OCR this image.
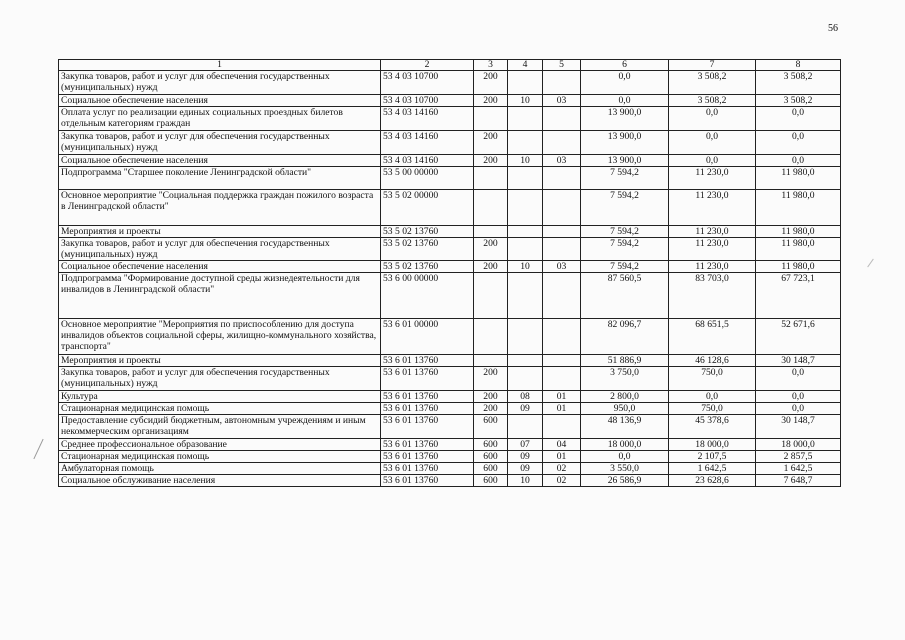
56
1	2	3	4	5	6	7	8
Закупка товаров, работ и услуг для обеспечения государственных (муниципальных) нужд	53 4 03 10700	200			0,0	3 508,2	3 508,2
Социальное обеспечение населения	53 4 03 10700	200	10	03	0,0	3 508,2	3 508,2
Оплата услуг по реализации единых социальных проездных билетов отдельным категориям граждан	53 4 03 14160				13 900,0	0,0	0,0
Закупка товаров, работ и услуг для обеспечения государственных (муниципальных) нужд	53 4 03 14160	200			13 900,0	0,0	0,0
Социальное обеспечение населения	53 4 03 14160	200	10	03	13 900,0	0,0	0,0
Подпрограмма "Старшее поколение Ленинградской области"	53 5 00 00000				7 594,2	11 230,0	11 980,0
Основное мероприятие "Социальная поддержка граждан пожилого возраста в Ленинградской области"	53 5 02 00000				7 594,2	11 230,0	11 980,0
Мероприятия и проекты	53 5 02 13760				7 594,2	11 230,0	11 980,0
Закупка товаров, работ и услуг для обеспечения государственных (муниципальных) нужд	53 5 02 13760	200			7 594,2	11 230,0	11 980,0
Социальное обеспечение населения	53 5 02 13760	200	10	03	7 594,2	11 230,0	11 980,0
Подпрограмма "Формирование доступной среды жизнедеятельности для инвалидов в Ленинградской области"	53 6 00 00000				87 560,5	83 703,0	67 723,1
Основное мероприятие "Мероприятия по приспособлению для доступа инвалидов объектов социальной сферы, жилищно-коммунального хозяйства, транспорта"	53 6 01 00000				82 096,7	68 651,5	52 671,6
Мероприятия и проекты	53 6 01 13760				51 886,9	46 128,6	30 148,7
Закупка товаров, работ и услуг для обеспечения государственных (муниципальных) нужд	53 6 01 13760	200			3 750,0	750,0	0,0
Культура	53 6 01 13760	200	08	01	2 800,0	0,0	0,0
Стационарная медицинская помощь	53 6 01 13760	200	09	01	950,0	750,0	0,0
Предоставление субсидий бюджетным, автономным учреждениям и иным некоммерческим организациям	53 6 01 13760	600			48 136,9	45 378,6	30 148,7
Среднее профессиональное образование	53 6 01 13760	600	07	04	18 000,0	18 000,0	18 000,0
Стационарная медицинская помощь	53 6 01 13760	600	09	01	0,0	2 107,5	2 857,5
Амбулаторная помощь	53 6 01 13760	600	09	02	3 550,0	1 642,5	1 642,5
Социальное обслуживание населения	53 6 01 13760	600	10	02	26 586,9	23 628,6	7 648,7
